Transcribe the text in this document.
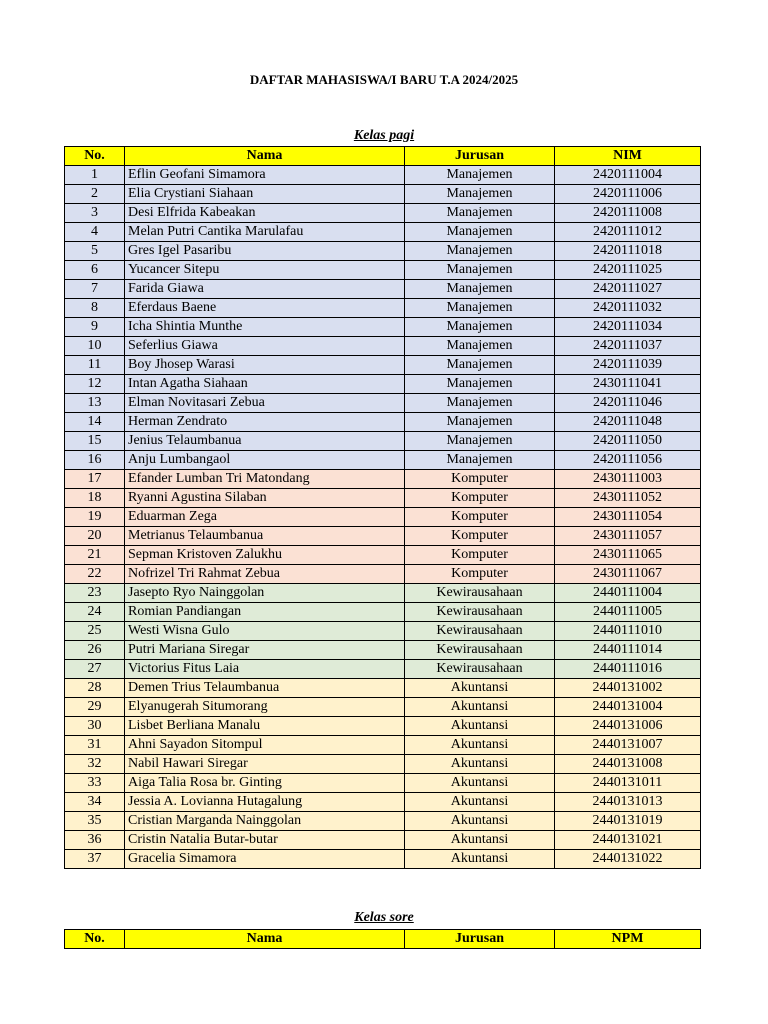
DAFTAR MAHASISWA/I BARU T.A 2024/2025
Kelas pagi
No.	Nama	Jurusan	NIM
1	Eflin Geofani Simamora	Manajemen	2420111004
2	Elia Crystiani Siahaan	Manajemen	2420111006
3	Desi Elfrida Kabeakan	Manajemen	2420111008
4	Melan Putri Cantika Marulafau	Manajemen	2420111012
5	Gres Igel Pasaribu	Manajemen	2420111018
6	Yucancer Sitepu	Manajemen	2420111025
7	Farida Giawa	Manajemen	2420111027
8	Eferdaus Baene	Manajemen	2420111032
9	Icha Shintia Munthe	Manajemen	2420111034
10	Seferlius Giawa	Manajemen	2420111037
11	Boy Jhosep Warasi	Manajemen	2420111039
12	Intan Agatha Siahaan	Manajemen	2430111041
13	Elman Novitasari Zebua	Manajemen	2420111046
14	Herman Zendrato	Manajemen	2420111048
15	Jenius Telaumbanua	Manajemen	2420111050
16	Anju Lumbangaol	Manajemen	2420111056
17	Efander Lumban Tri Matondang	Komputer	2430111003
18	Ryanni Agustina Silaban	Komputer	2430111052
19	Eduarman Zega	Komputer	2430111054
20	Metrianus Telaumbanua	Komputer	2430111057
21	Sepman Kristoven Zalukhu	Komputer	2430111065
22	Nofrizel Tri Rahmat Zebua	Komputer	2430111067
23	Jasepto Ryo Nainggolan	Kewirausahaan	2440111004
24	Romian Pandiangan	Kewirausahaan	2440111005
25	Westi Wisna Gulo	Kewirausahaan	2440111010
26	Putri Mariana Siregar	Kewirausahaan	2440111014
27	Victorius Fitus Laia	Kewirausahaan	2440111016
28	Demen Trius Telaumbanua	Akuntansi	2440131002
29	Elyanugerah Situmorang	Akuntansi	2440131004
30	Lisbet Berliana Manalu	Akuntansi	2440131006
31	Ahni Sayadon Sitompul	Akuntansi	2440131007
32	Nabil Hawari Siregar	Akuntansi	2440131008
33	Aiga Talia Rosa br. Ginting	Akuntansi	2440131011
34	Jessia A. Lovianna Hutagalung	Akuntansi	2440131013
35	Cristian Marganda Nainggolan	Akuntansi	2440131019
36	Cristin Natalia Butar-butar	Akuntansi	2440131021
37	Gracelia Simamora	Akuntansi	2440131022
Kelas sore
No.	Nama	Jurusan	NPM
